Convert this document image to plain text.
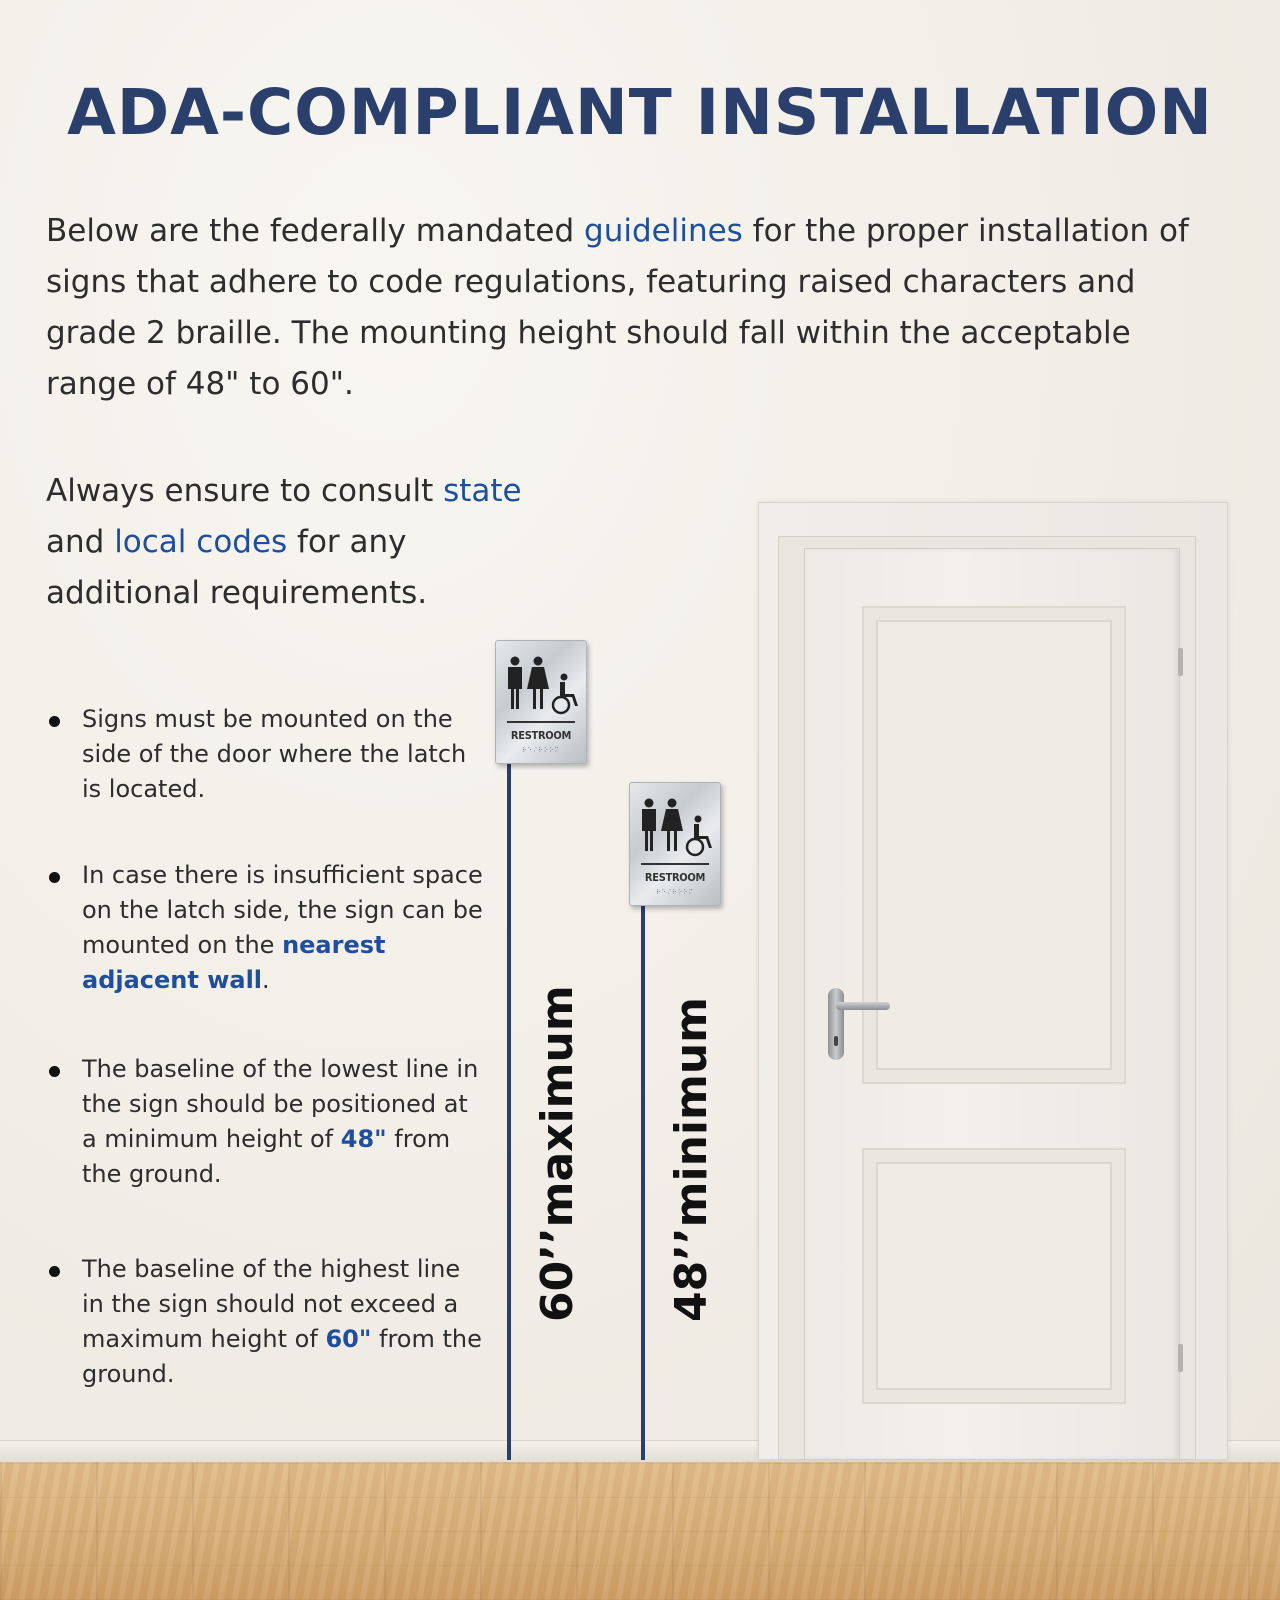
ADA-COMPLIANT INSTALLATION

Below are the federally mandated guidelines for the proper installation of signs that adhere to code regulations, featuring raised characters and grade 2 braille. The mounting height should fall within the acceptable range of 48" to 60".

Always ensure to consult state and local codes for any additional requirements.

Signs must be mounted on the side of the door where the latch is located.
In case there is insufficient space on the latch side, the sign can be mounted on the nearest adjacent wall.
The baseline of the lowest line in the sign should be positioned at a minimum height of 48" from the ground.
The baseline of the highest line in the sign should not exceed a maximum height of 60" from the ground.
60’’maximum 48’’minimum
RESTROOM
⠗⠑⠌⠗⠕⠕⠍
RESTROOM
⠗⠑⠌⠗⠕⠕⠍
